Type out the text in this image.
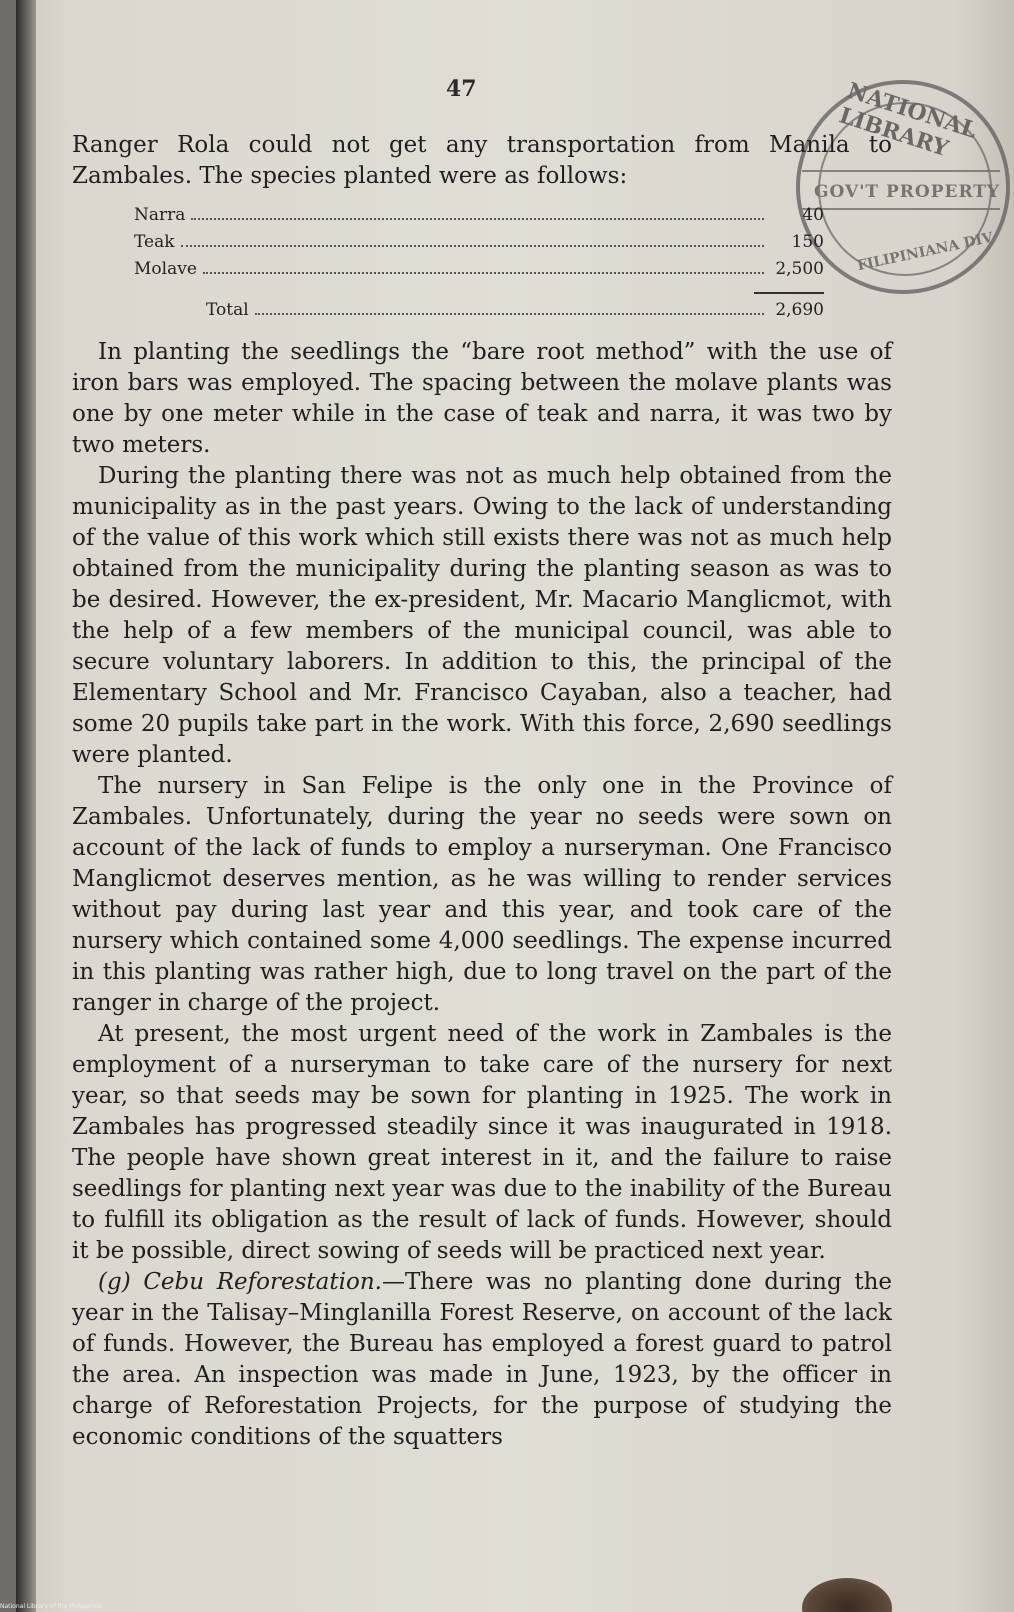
47	NATIONAL LIBRARY
GOV'T PROPERTY
FILIPINIANA DIV

Ranger Rola could not get any transportation from Manila to Zambales. The species planted were as follows:

Narra	40
Teak	150
Molave	2,500
Total	2,690

In planting the seedlings the “bare root method” with the use of iron bars was employed. The spacing between the molave plants was one by one meter while in the case of teak and narra, it was two by two meters.

During the planting there was not as much help obtained from the municipality as in the past years. Owing to the lack of understanding of the value of this work which still exists there was not as much help obtained from the municipality during the planting season as was to be desired. However, the ex-president, Mr. Macario Manglicmot, with the help of a few members of the municipal council, was able to secure voluntary laborers. In addition to this, the principal of the Elementary School and Mr. Francisco Cayaban, also a teacher, had some 20 pupils take part in the work. With this force, 2,690 seedlings were planted.

The nursery in San Felipe is the only one in the Province of Zambales. Unfortunately, during the year no seeds were sown on account of the lack of funds to employ a nurseryman. One Francisco Manglicmot deserves mention, as he was willing to render services without pay during last year and this year, and took care of the nursery which contained some 4,000 seedlings. The expense incurred in this planting was rather high, due to long travel on the part of the ranger in charge of the project.

At present, the most urgent need of the work in Zambales is the employment of a nurseryman to take care of the nursery for next year, so that seeds may be sown for planting in 1925. The work in Zambales has progressed steadily since it was inaugurated in 1918. The people have shown great interest in it, and the failure to raise seedlings for planting next year was due to the inability of the Bureau to fulfill its obligation as the result of lack of funds. However, should it be possible, direct sowing of seeds will be practiced next year.

(g) Cebu Reforestation.—There was no planting done during the year in the Talisay–Minglanilla Forest Reserve, on account of the lack of funds. However, the Bureau has employed a forest guard to patrol the area. An inspection was made in June, 1923, by the officer in charge of Reforestation Projects, for the purpose of studying the economic conditions of the squatters

National Library of the Philippines
